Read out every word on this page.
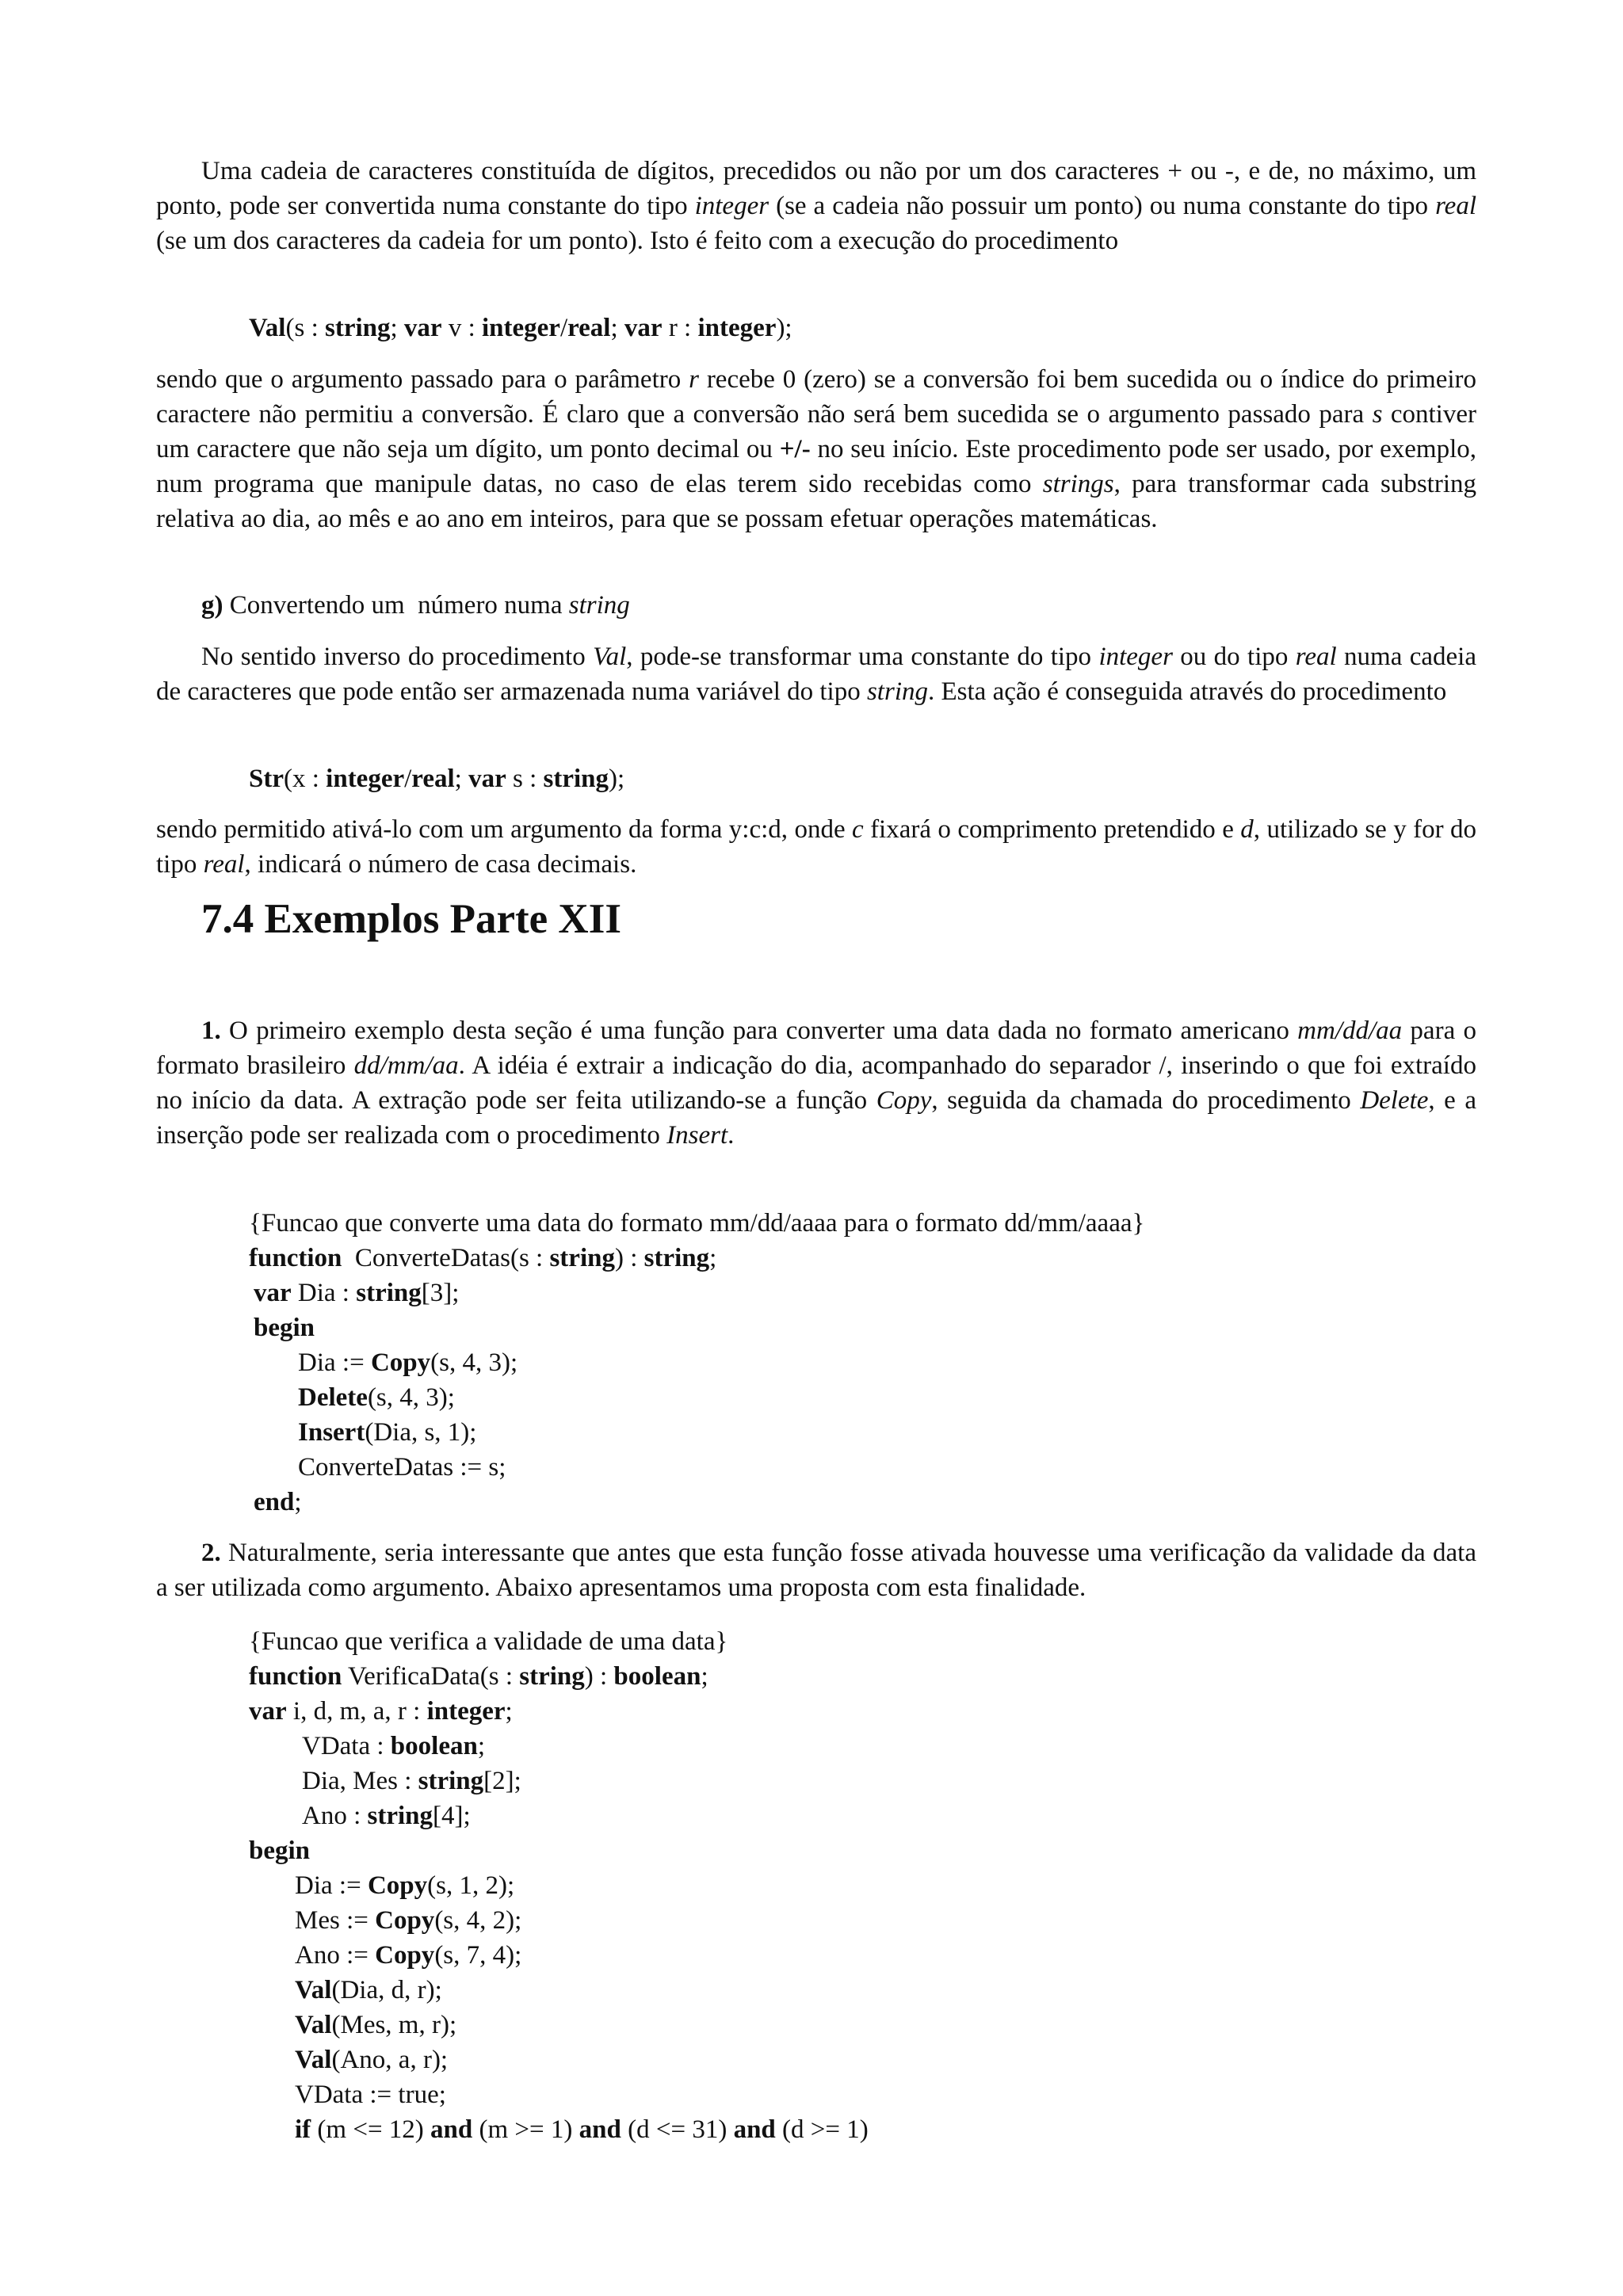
Uma cadeia de caracteres constituída de dígitos, precedidos ou não por um dos caracteres + ou -, e de, no máximo, um ponto, pode ser convertida numa constante do tipo integer (se a cadeia não possuir um ponto) ou numa constante do tipo real (se um dos caracteres da cadeia for um ponto). Isto é feito com a execução do procedimento

Val(s : string; var v : integer/real; var r : integer);

sendo que o argumento passado para o parâmetro r recebe 0 (zero) se a conversão foi bem sucedida ou o índice do primeiro caractere não permitiu a conversão. É claro que a conversão não será bem sucedida se o argumento passado para s contiver um caractere que não seja um dígito, um ponto decimal ou +/- no seu início. Este procedimento pode ser usado, por exemplo, num programa que manipule datas, no caso de elas terem sido recebidas como strings, para transformar cada substring relativa ao dia, ao mês e ao ano em inteiros, para que se possam efetuar operações matemáticas.

g) Convertendo um  número numa string

No sentido inverso do procedimento Val, pode-se transformar uma constante do tipo integer ou do tipo real numa cadeia de caracteres que pode então ser armazenada numa variável do tipo string. Esta ação é conseguida através do procedimento

Str(x : integer/real; var s : string);

sendo permitido ativá-lo com um argumento da forma y:c:d, onde c fixará o comprimento pretendido e d, utilizado se y for do tipo real, indicará o número de casa decimais.

7.4 Exemplos Parte XII

1. O primeiro exemplo desta seção é uma função para converter uma data dada no formato americano mm/dd/aa para o formato brasileiro dd/mm/aa. A idéia é extrair a indicação do dia, acompanhado do separador /, inserindo o que foi extraído no início da data. A extração pode ser feita utilizando-se a função Copy, seguida da chamada do procedimento Delete, e a inserção pode ser realizada com o procedimento Insert.

{Funcao que converte uma data do formato mm/dd/aaaa para o formato dd/mm/aaaa}

function  ConverteDatas(s : string) : string;

var Dia : string[3];

begin

Dia := Copy(s, 4, 3);

Delete(s, 4, 3);

Insert(Dia, s, 1);

ConverteDatas := s;

end;

2. Naturalmente, seria interessante que antes que esta função fosse ativada houvesse uma verificação da validade da data a ser utilizada como argumento. Abaixo apresentamos uma proposta com esta finalidade.

{Funcao que verifica a validade de uma data}

function VerificaData(s : string) : boolean;

var i, d, m, a, r : integer;

VData : boolean;

Dia, Mes : string[2];

Ano : string[4];

begin

Dia := Copy(s, 1, 2);

Mes := Copy(s, 4, 2);

Ano := Copy(s, 7, 4);

Val(Dia, d, r);

Val(Mes, m, r);

Val(Ano, a, r);

VData := true;

if (m <= 12) and (m >= 1) and (d <= 31) and (d >= 1)
